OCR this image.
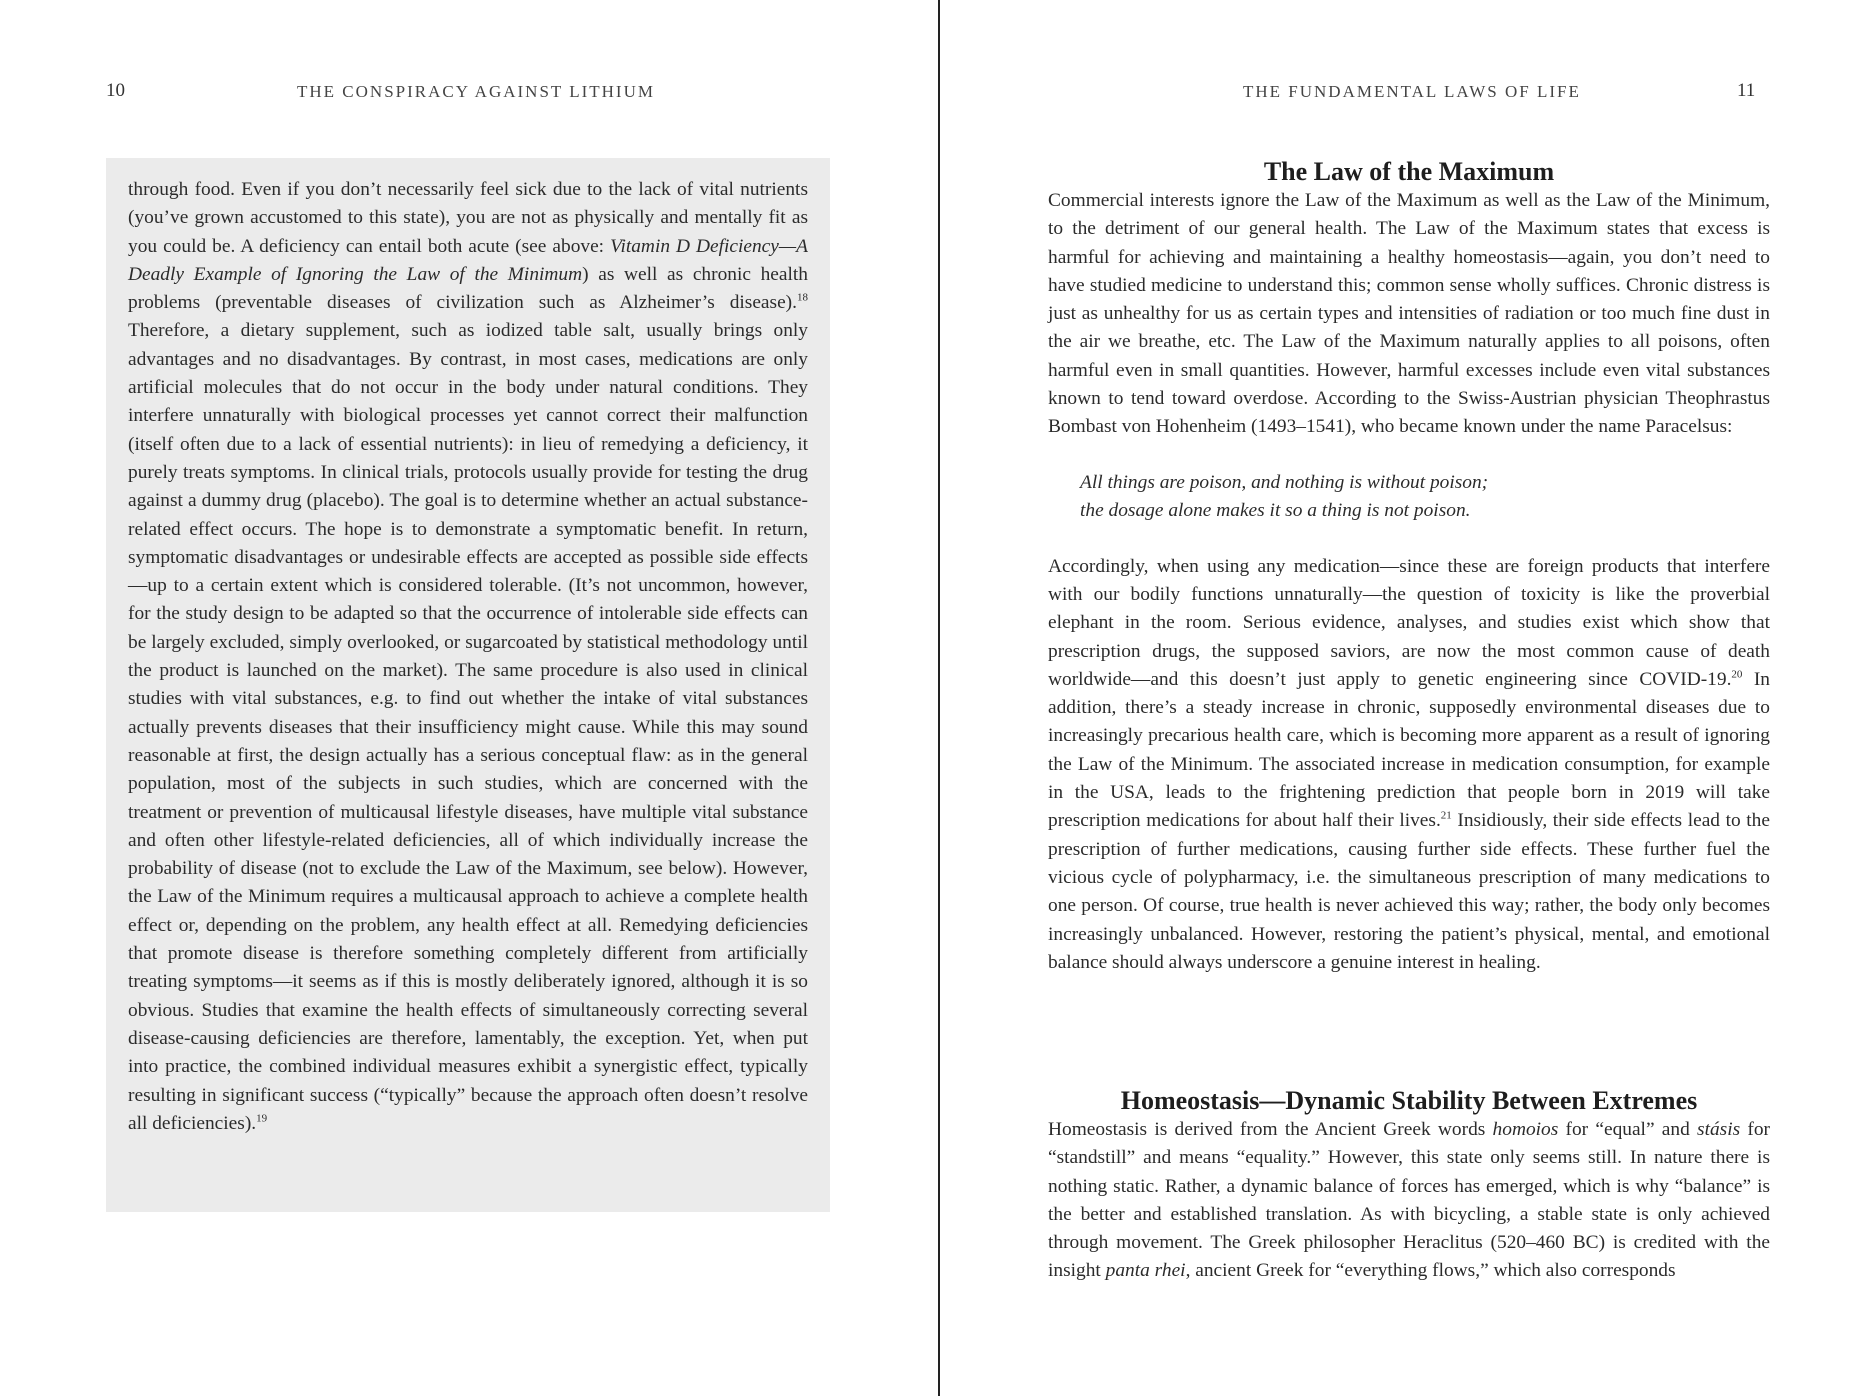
10	THE CONSPIRACY AGAINST LITHIUM

through food. Even if you don’t necessarily feel sick due to the lack of vital nutrients (you’ve grown accustomed to this state), you are not as physically and mentally fit as you could be. A deficiency can entail both acute (see above: Vitamin D Deficiency—A Deadly Example of Ignoring the Law of the Minimum) as well as chronic health problems (preventable diseases of civilization such as Alzheimer’s disease).$^{18}$ Therefore, a dietary supplement, such as iodized table salt, usually brings only advantages and no disadvantages. By contrast, in most cases, medications are only artificial molecules that do not occur in the body under natural conditions. They interfere unnaturally with biological processes yet cannot correct their malfunction (itself often due to a lack of essential nutrients): in lieu of remedying a deficiency, it purely treats symptoms. In clinical trials, protocols usually provide for testing the drug against a dummy drug (placebo). The goal is to determine whether an actual substance-related effect occurs. The hope is to demonstrate a symptomatic benefit. In return, symptomatic disadvantages or undesirable effects are accepted as possible side effects—up to a certain extent which is considered tolerable. (It’s not uncommon, however, for the study design to be adapted so that the occurrence of intolerable side effects can be largely excluded, simply overlooked, or sugarcoated by statistical methodology until the product is launched on the market). The same procedure is also used in clinical studies with vital substances, e.g. to find out whether the intake of vital substances actually prevents diseases that their insufficiency might cause. While this may sound reasonable at first, the design actually has a serious conceptual flaw: as in the general population, most of the subjects in such studies, which are concerned with the treatment or prevention of multicausal lifestyle diseases, have multiple vital substance and often other lifestyle-related deficiencies, all of which individually increase the probability of disease (not to exclude the Law of the Maximum, see below). However, the Law of the Minimum requires a multicausal approach to achieve a complete health effect or, depending on the problem, any health effect at all. Remedying deficiencies that promote disease is therefore something completely different from artificially treating symptoms—it seems as if this is mostly deliberately ignored, although it is so obvious. Studies that examine the health effects of simultaneously correcting several disease-causing deficiencies are therefore, lamentably, the exception. Yet, when put into practice, the combined individual measures exhibit a synergistic effect, typically resulting in significant success (“typically” because the approach often doesn’t resolve all deficiencies).$^{19}$

THE FUNDAMENTAL LAWS OF LIFE	11
The Law of the Maximum

Commercial interests ignore the Law of the Maximum as well as the Law of the Minimum, to the detriment of our general health. The Law of the Maximum states that excess is harmful for achieving and maintaining a healthy homeostasis—again, you don’t need to have studied medicine to understand this; common sense wholly suffices. Chronic distress is just as unhealthy for us as certain types and intensities of radiation or too much fine dust in the air we breathe, etc. The Law of the Maximum naturally applies to all poisons, often harmful even in small quantities. However, harmful excesses include even vital substances known to tend toward overdose. According to the Swiss-Austrian physician Theophrastus Bombast von Hohenheim (1493–1541), who became known under the name Paracelsus:

All things are poison, and nothing is without poison;
the dosage alone makes it so a thing is not poison.

Accordingly, when using any medication—since these are foreign products that interfere with our bodily functions unnaturally—the question of toxicity is like the proverbial elephant in the room. Serious evidence, analyses, and studies exist which show that prescription drugs, the supposed saviors, are now the most common cause of death worldwide—and this doesn’t just apply to genetic engineering since COVID-19.20 In addition, there’s a steady increase in chronic, supposedly environmental diseases due to increasingly precarious health care, which is becoming more apparent as a result of ignoring the Law of the Minimum. The associated increase in medication consumption, for example in the USA, leads to the frightening prediction that people born in 2019 will take prescription medications for about half their lives.$^{21}$ Insidiously, their side effects lead to the prescription of further medications, causing further side effects. These further fuel the vicious cycle of polypharmacy, i.e. the simultaneous prescription of many medications to one person. Of course, true health is never achieved this way; rather, the body only becomes increasingly unbalanced. However, restoring the patient’s physical, mental, and emotional balance should always underscore a genuine interest in healing.

Homeostasis—Dynamic Stability Between Extremes

Homeostasis is derived from the Ancient Greek words homoios for “equal” and stásis for “standstill” and means “equality.” However, this state only seems still. In nature there is nothing static. Rather, a dynamic balance of forces has emerged, which is why “balance” is the better and established translation. As with bicycling, a stable state is only achieved through movement. The Greek philosopher Heraclitus (520–460 BC) is credited with the insight panta rhei, ancient Greek for “everything flows,” which also corresponds
